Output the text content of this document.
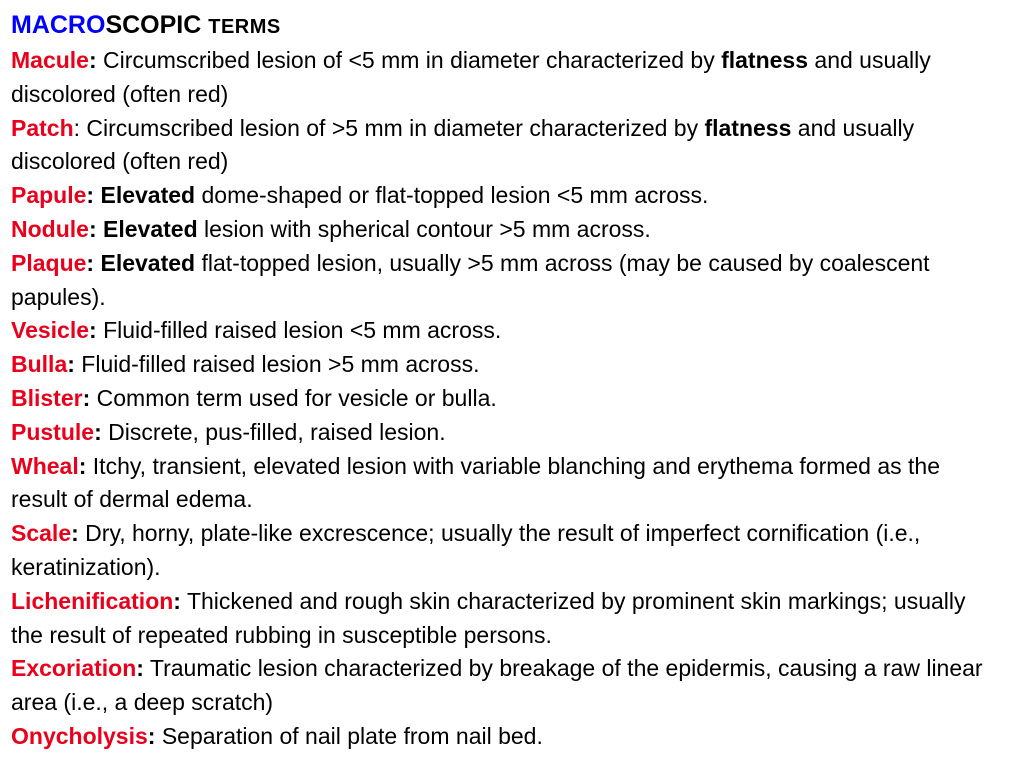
MACROSCOPIC TERMS
Macule: Circumscribed lesion of <5 mm in diameter characterized by flatness and usually discolored (often red)
Patch: Circumscribed lesion of >5 mm in diameter characterized by flatness and usually discolored (often red)
Papule: Elevated dome-shaped or flat-topped lesion <5 mm across.
Nodule: Elevated lesion with spherical contour >5 mm across.
Plaque: Elevated flat-topped lesion, usually >5 mm across (may be caused by coalescent papules).
Vesicle: Fluid-filled raised lesion <5 mm across.
Bulla: Fluid-filled raised lesion >5 mm across.
Blister: Common term used for vesicle or bulla.
Pustule: Discrete, pus-filled, raised lesion.
Wheal: Itchy, transient, elevated lesion with variable blanching and erythema formed as the result of dermal edema.
Scale: Dry, horny, plate-like excrescence; usually the result of imperfect cornification (i.e., keratinization).
Lichenification: Thickened and rough skin characterized by prominent skin markings; usually the result of repeated rubbing in susceptible persons.
Excoriation: Traumatic lesion characterized by breakage of the epidermis, causing a raw linear area (i.e., a deep scratch)
Onycholysis: Separation of nail plate from nail bed.
